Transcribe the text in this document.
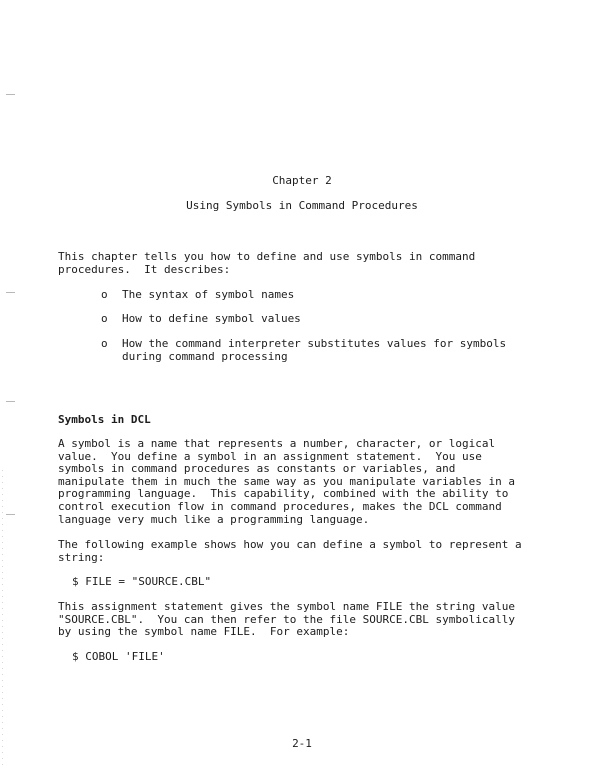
Chapter 2
Using Symbols in Command Procedures
This chapter tells you how to define and use symbols in command
procedures.  It describes:
o The syntax of symbol names
o How to define symbol values
o How the command interpreter substitutes values for symbols
during command processing
Symbols in DCL
A symbol is a name that represents a number, character, or logical
value.  You define a symbol in an assignment statement.  You use
symbols in command procedures as constants or variables, and
manipulate them in much the same way as you manipulate variables in a
programming language.  This capability, combined with the ability to
control execution flow in command procedures, makes the DCL command
language very much like a programming language.
The following example shows how you can define a symbol to represent a
string:
$ FILE = "SOURCE.CBL"
This assignment statement gives the symbol name FILE the string value
"SOURCE.CBL".  You can then refer to the file SOURCE.CBL symbolically
by using the symbol name FILE.  For example:
$ COBOL 'FILE'
2-1
